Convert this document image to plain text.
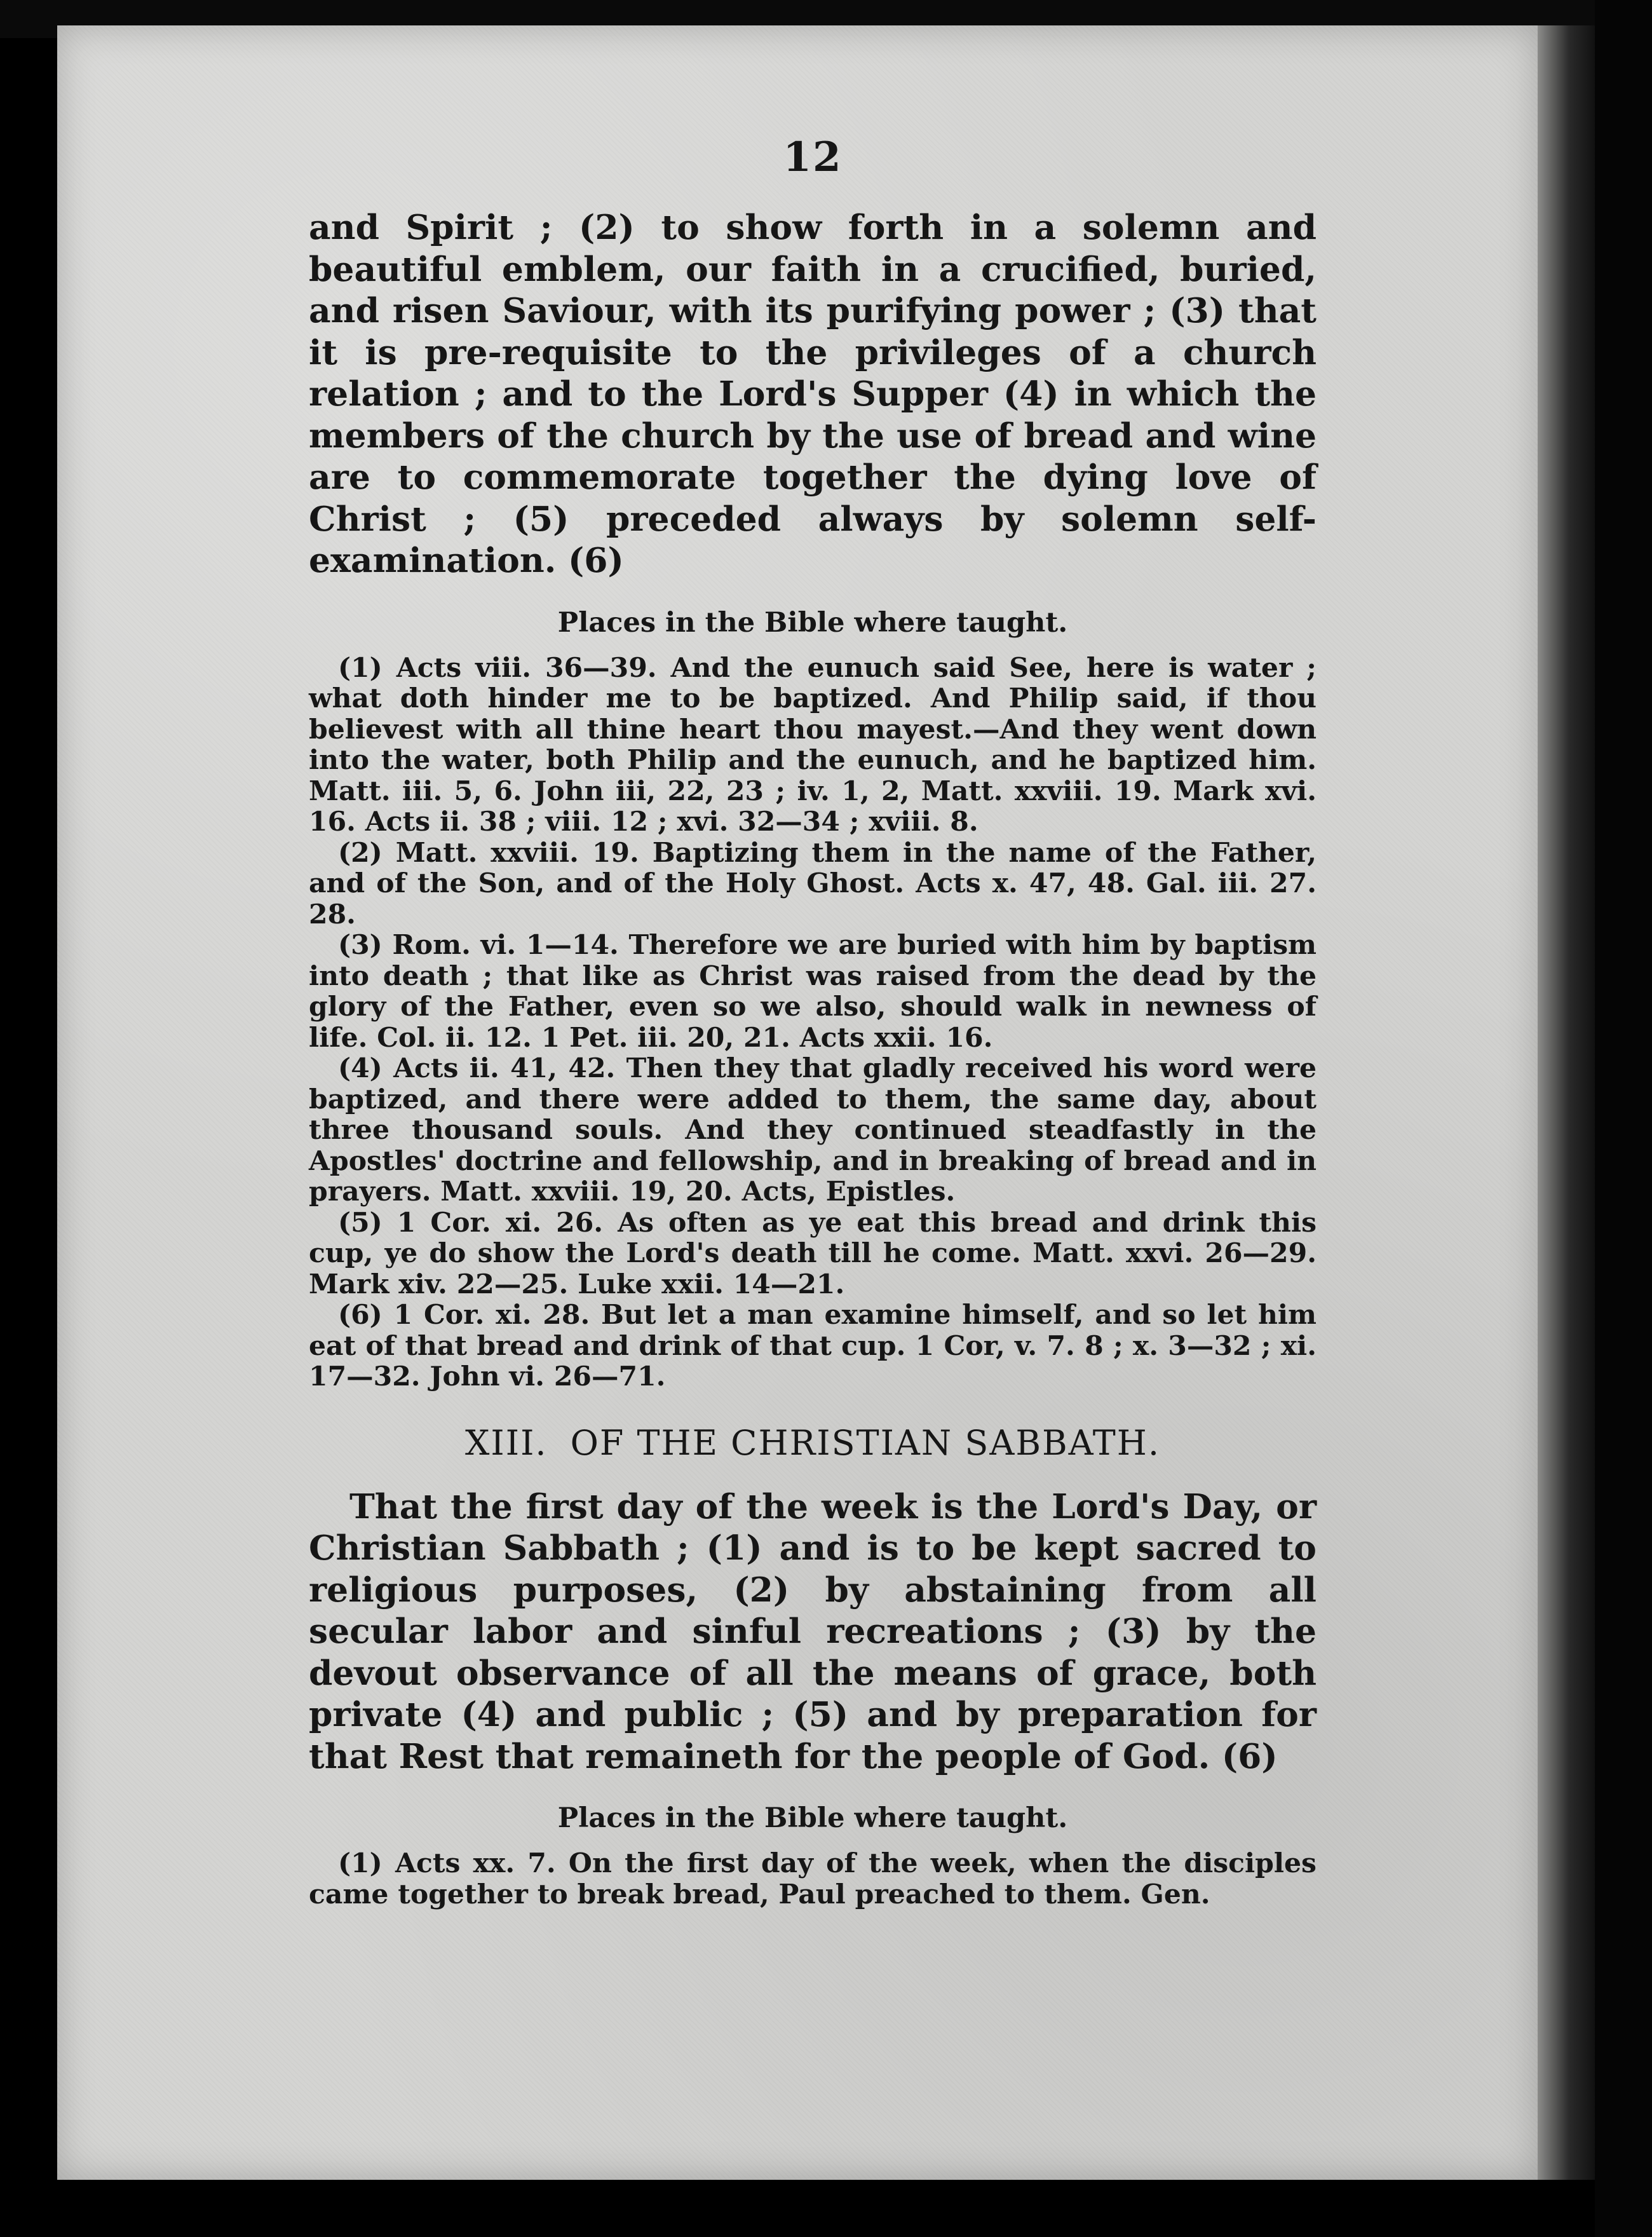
12

and Spirit ; (2) to show forth in a solemn and beautiful emblem, our faith in a crucified, buried, and risen Saviour, with its purifying power ; (3) that it is pre-requisite to the privileges of a church relation ; and to the Lord's Supper (4) in which the members of the church by the use of bread and wine are to commemorate together the dying love of Christ ; (5) preceded always by solemn self-examination. (6)

Places in the Bible where taught.

(1) Acts viii. 36—39. And the eunuch said See, here is water ; what doth hinder me to be baptized. And Philip said, if thou believest with all thine heart thou mayest.—And they went down into the water, both Philip and the eunuch, and he baptized him. Matt. iii. 5, 6. John iii, 22, 23 ; iv. 1, 2, Matt. xxviii. 19. Mark xvi. 16. Acts ii. 38 ; viii. 12 ; xvi. 32—34 ; xviii. 8.

(2) Matt. xxviii. 19. Baptizing them in the name of the Father, and of the Son, and of the Holy Ghost. Acts x. 47, 48. Gal. iii. 27. 28.

(3) Rom. vi. 1—14. Therefore we are buried with him by baptism into death ; that like as Christ was raised from the dead by the glory of the Father, even so we also, should walk in newness of life. Col. ii. 12. 1 Pet. iii. 20, 21. Acts xxii. 16.

(4) Acts ii. 41, 42. Then they that gladly received his word were baptized, and there were added to them, the same day, about three thousand souls. And they continued steadfastly in the Apostles' doctrine and fellowship, and in breaking of bread and in prayers. Matt. xxviii. 19, 20. Acts, Epistles.

(5) 1 Cor. xi. 26. As often as ye eat this bread and drink this cup, ye do show the Lord's death till he come. Matt. xxvi. 26—29. Mark xiv. 22—25. Luke xxii. 14—21.

(6) 1 Cor. xi. 28. But let a man examine himself, and so let him eat of that bread and drink of that cup. 1 Cor, v. 7. 8 ; x. 3—32 ; xi. 17—32. John vi. 26—71.

XIII. OF THE CHRISTIAN SABBATH.

That the first day of the week is the Lord's Day, or Christian Sabbath ; (1) and is to be kept sacred to religious purposes, (2) by abstaining from all secular labor and sinful recreations ; (3) by the devout observance of all the means of grace, both private (4) and public ; (5) and by preparation for that Rest that remaineth for the people of God. (6)

Places in the Bible where taught.

(1) Acts xx. 7. On the first day of the week, when the disciples came together to break bread, Paul preached to them. Gen.
